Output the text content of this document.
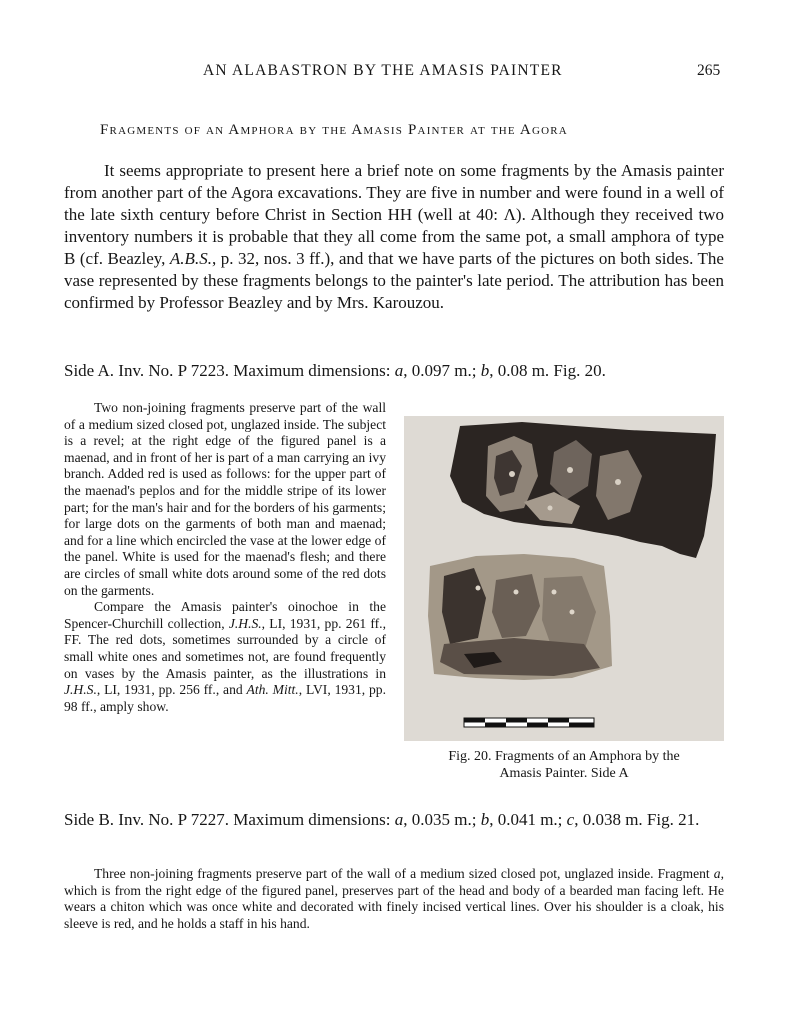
AN ALABASTRON BY THE AMASIS PAINTER	265
Fragments of an Amphora by the Amasis Painter at the Agora

It seems appropriate to present here a brief note on some fragments by the Amasis painter from another part of the Agora excavations. They are five in number and were found in a well of the late sixth century before Christ in Section HH (well at 40: Λ). Although they received two inventory numbers it is probable that they all come from the same pot, a small amphora of type B (cf. Beazley, A.B.S., p. 32, nos. 3 ff.), and that we have parts of the pictures on both sides. The vase represented by these fragments belongs to the painter's late period. The attribution has been confirmed by Professor Beazley and by Mrs. Karouzou.

Side A. Inv. No. P 7223. Maximum dimensions: a, 0.097 m.; b, 0.08 m. Fig. 20.

Two non-joining fragments preserve part of the wall of a medium sized closed pot, unglazed inside. The subject is a revel; at the right edge of the figured panel is a maenad, and in front of her is part of a man carrying an ivy branch. Added red is used as follows: for the upper part of the maenad's peplos and for the middle stripe of its lower part; for the man's hair and for the borders of his garments; for large dots on the garments of both man and maenad; and for a line which encircled the vase at the lower edge of the panel. White is used for the maenad's flesh; and there are circles of small white dots around some of the red dots on the garments.

Compare the Amasis painter's oinochoe in the Spencer-Churchill collection, J.H.S., LI, 1931, pp. 261 ff., FF. The red dots, sometimes surrounded by a circle of small white ones and sometimes not, are found frequently on vases by the Amasis painter, as the illustrations in J.H.S., LI, 1931, pp. 256 ff., and Ath. Mitt., LVI, 1931, pp. 98 ff., amply show.

Fig. 20. Fragments of an Amphora by the
Amasis Painter. Side A

Side B. Inv. No. P 7227. Maximum dimensions: a, 0.035 m.; b, 0.041 m.; c, 0.038 m. Fig. 21.

Three non-joining fragments preserve part of the wall of a medium sized closed pot, unglazed inside. Fragment a, which is from the right edge of the figured panel, preserves part of the head and body of a bearded man facing left. He wears a chiton which was once white and decorated with finely incised vertical lines. Over his shoulder is a cloak, his sleeve is red, and he holds a staff in his hand.
